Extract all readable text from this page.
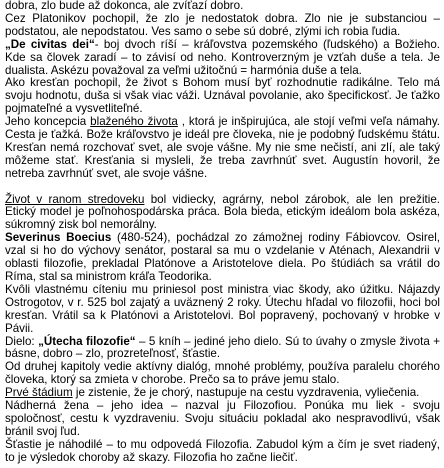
dobra, zlo bude až dokonca, ale zvíťazí dobro.

Cez Platonikov pochopil, že zlo je nedostatok dobra. Zlo nie je substanciou – podstatou, ale nepodstatou. Ves samo o sebe sú dobré, zlými ich robia ľudia.

„De civitas dei“- boj dvoch ríší – kráľovstva pozemského (ľudského) a Božieho. Kde sa človek zaradí – to závisí od neho. Kontroverzným je vzťah duše a tela. Je dualista. Askézu považoval za veľmi užitočnú = harmónia duše a tela.

Ako kresťan pochopil, že život s Bohom musí byť rozhodnutie radikálne. Telo má svoju hodnotu, duša si však viac váži. Uznával povolanie, ako špecifickosť. Je ťažko pojmateľné a vysvetliteľné.

Jeho koncepcia blaženého života , ktorá je inšpirujúca, ale stojí veľmi veľa námahy. Cesta je ťažká. Bože kráľovstvo je ideál pre človeka, nie je podobný ľudskému štátu. Kresťan nemá rozchovať svet, ale svoje vášne. My nie sme nečistí, ani zlí, ale taký môžeme stať. Kresťania si mysleli, že treba zavrhnúť svet. Augustín hovoril, že netreba zavrhnúť svet, ale svoje vášne.

Život v ranom stredoveku bol vidiecky, agrárny, nebol zárobok, ale len prežitie. Etický model je poľnohospodárska práca. Bola bieda, etickým ideálom bola askéza, súkromný zisk bol nemorálny.

Severinus Boecius (480-524), pochádzal zo zámožnej rodiny Fábiovcov. Osirel, vzal si ho do výchovy senátor, postaral sa mu o vzdelanie v Aténach, Alexandrii v oblasti filozofie, prekladal Platónove a Aristotelove diela. Po štúdiách sa vrátil do Ríma, stal sa ministrom kráľa Teodorika.

Kvôli vlastnému cíteniu mu priniesol post ministra viac škody, ako úžitku. Nájazdy Ostrogotov, v r. 525 bol zajatý a uväznený 2 roky. Útechu hľadal vo filozofii, hoci bol kresťan. Vrátil sa k Platónovi a Aristotelovi. Bol popravený, pochovaný v hrobke v Pávii.

Dielo: „Útecha filozofie“ – 5 kníh – jediné jeho dielo. Sú to úvahy o zmysle života + básne, dobro – zlo, prozreteľnosť, šťastie.

Od druhej kapitoly vedie aktívny dialóg, mnohé problémy, používa paralelu chorého človeka, ktorý sa zmieta v chorobe. Prečo sa to práve jemu stalo.

Prvé štádium je zistenie, že je chorý, nastupuje na cestu vyzdravenia, vyliečenia.

Nádherná žena – jeho idea – nazval ju Filozofiou. Ponúka mu liek - svoju spoločnosť, cestu k vyzdraveniu. Svoju situáciu pokladal ako nespravodlivú, však bránil svoj ľud.

Šťastie je náhodilé – to mu odpovedá Filozofia. Zabudol kým a čím je svet riadený, to je výsledok choroby až skazy. Filozofia ho začne liečiť.
